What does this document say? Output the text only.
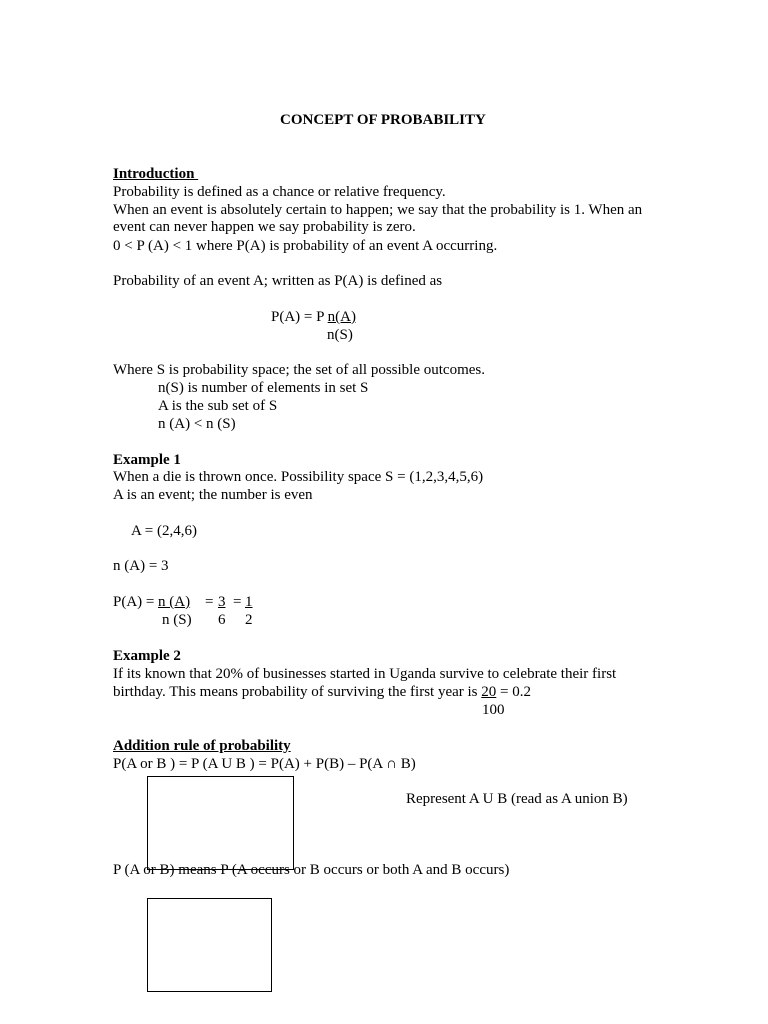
CONCEPT OF PROBABILITY
Introduction
Probability is defined as a chance or relative frequency.
When an event is absolutely certain to happen; we say that the probability is 1. When an
event can never happen we say probability is zero.
0 < P (A) < 1 where P(A) is probability of an event A occurring.
Probability of an event A; written as P(A) is defined as
P(A) = P n(A)
n(S)
Where S is probability space; the set of all possible outcomes.
n(S) is number of elements in set S
A is the sub set of S
n (A) < n (S)
Example 1
When a die is thrown once. Possibility space S = (1,2,3,4,5,6)
A is an event; the number is even
A = (2,4,6)
n (A) = 3
P(A) = n (A)
n (S)
= 3
6
= 1
2
Example 2
If its known that 20% of businesses started in Uganda survive to celebrate their first
birthday. This means probability of surviving the first year is 20 = 0.2
100
Addition rule of probability
P(A or B ) = P (A U B ) = P(A) + P(B) – P(A ∩ B)
Represent A U B (read as A union B)
P (A or B) means P (A occurs or B occurs or both A and B occurs)
